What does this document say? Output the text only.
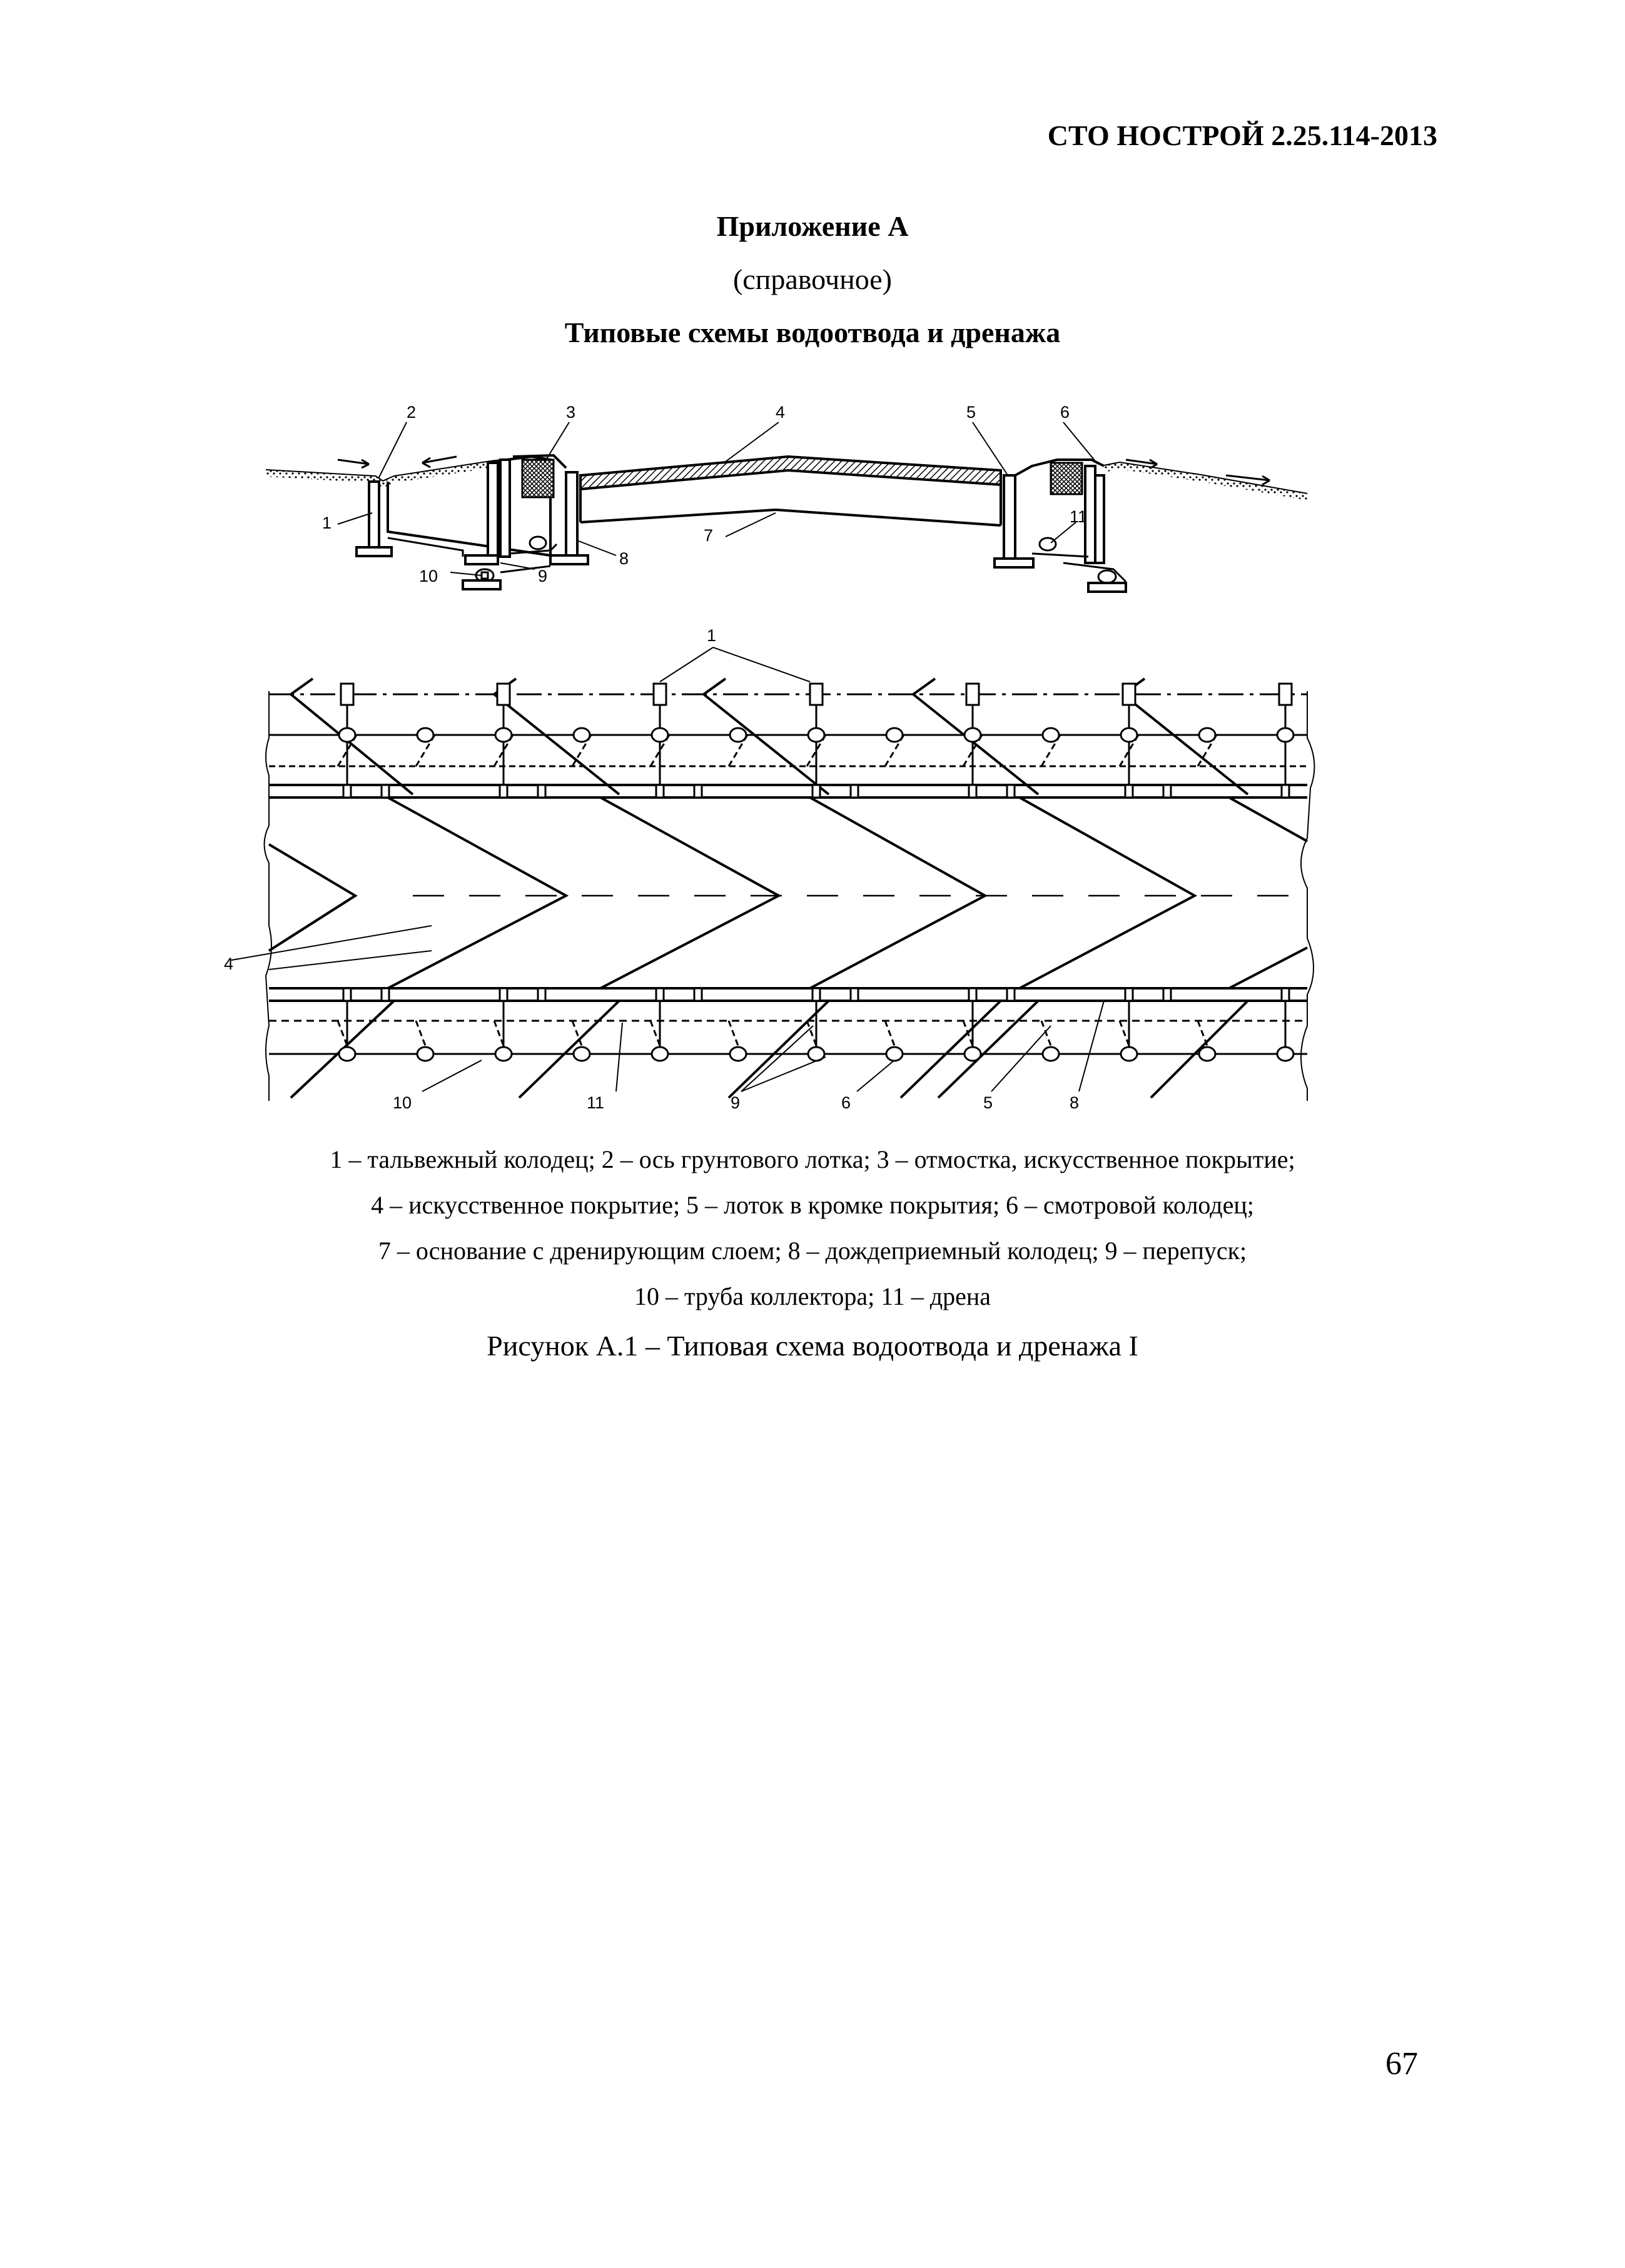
СТО НОСТРОЙ 2.25.114-2013
Приложение А
(справочное)
Типовые схемы водоотвода и дренажа
2	3	4	5	6
1
7
8
10	9
11
1
4
10	11	9	6	5	8
1 – тальвежный колодец; 2 – ось грунтового лотка; 3 – отмостка, искусственное покрытие;
4 – искусственное покрытие; 5 – лоток в кромке покрытия; 6 – смотровой колодец;
7 – основание с дренирующим слоем; 8 – дождеприемный колодец; 9 – перепуск;
10 – труба коллектора; 11 – дрена
Рисунок А.1 – Типовая схема водоотвода и дренажа I
67
